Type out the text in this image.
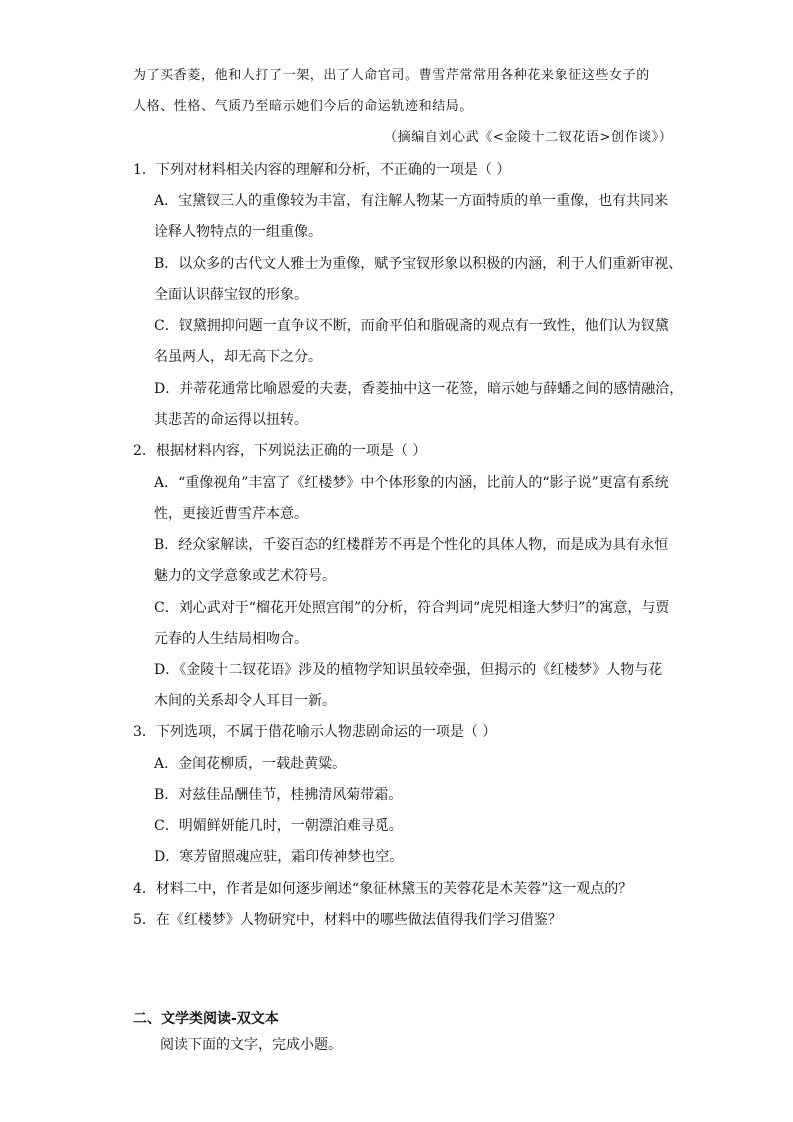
为了买香菱，他和人打了一架，出了人命官司。曹雪芹常常用各种花来象征这些女子的
人格、性格、气质乃至暗示她们今后的命运轨迹和结局。
（摘编自刘心武《<金陵十二钗花语>创作谈》）
1．下列对材料相关内容的理解和分析，不正确的一项是（ ）
A．宝黛钗三人的重像较为丰富，有注解人物某一方面特质的单一重像，也有共同来
诠释人物特点的一组重像。
B．以众多的古代文人雅士为重像，赋予宝钗形象以积极的内涵，利于人们重新审视、
全面认识薛宝钗的形象。
C．钗黛拥抑问题一直争议不断，而俞平伯和脂砚斋的观点有一致性，他们认为钗黛
名虽两人，却无高下之分。
D．并蒂花通常比喻恩爱的夫妻，香菱抽中这一花签，暗示她与薛蟠之间的感情融洽，
其悲苦的命运得以扭转。
2．根据材料内容，下列说法正确的一项是（ ）
A．“重像视角”丰富了《红楼梦》中个体形象的内涵，比前人的“影子说”更富有系统
性，更接近曹雪芹本意。
B．经众家解读，千姿百态的红楼群芳不再是个性化的具体人物，而是成为具有永恒
魅力的文学意象或艺术符号。
C．刘心武对于“榴花开处照宫闱”的分析，符合判词“虎兕相逢大梦归”的寓意，与贾
元春的人生结局相吻合。
D．《金陵十二钗花语》涉及的植物学知识虽较牵强，但揭示的《红楼梦》人物与花
木间的关系却令人耳目一新。
3．下列选项，不属于借花喻示人物悲剧命运的一项是（ ）
A．金闺花柳质，一载赴黄粱。
B．对兹佳品酬佳节，桂拂清风菊带霜。
C．明媚鲜妍能几时，一朝漂泊难寻觅。
D．寒芳留照魂应驻，霜印传神梦也空。
4．材料二中，作者是如何逐步阐述“象征林黛玉的芙蓉花是木芙蓉”这一观点的？
5．在《红楼梦》人物研究中，材料中的哪些做法值得我们学习借鉴？
二、文学类阅读-双文本
阅读下面的文字，完成小题。
